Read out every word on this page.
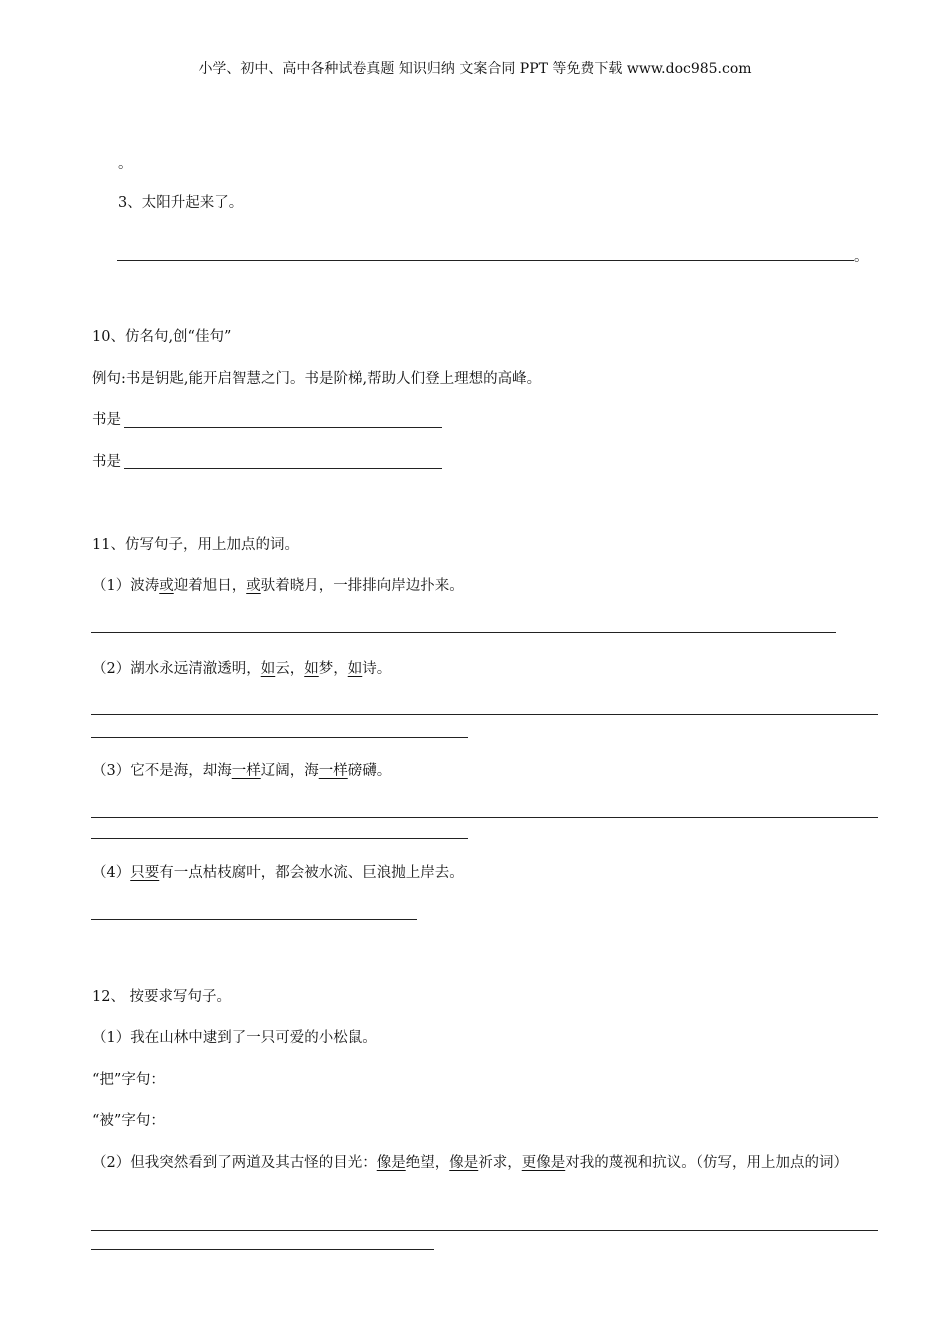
小学、初中、高中各种试卷真题 知识归纳 文案合同 PPT 等免费下载 www.doc985.com
。
3、太阳升起来了。
。
10、仿名句,创“佳句”
例句:书是钥匙,能开启智慧之门。书是阶梯,帮助人们登上理想的高峰。
书是
书是
11、仿写句子，用上加点的词。
（1）波涛或迎着旭日，或驮着晓月，一排排向岸边扑来。
（2）湖水永远清澈透明，如云，如梦，如诗。
（3）它不是海，却海一样辽阔，海一样磅礴。
（4）只要有一点枯枝腐叶，都会被水流、巨浪抛上岸去。
12、 按要求写句子。
（1）我在山林中逮到了一只可爱的小松鼠。
“把”字句：
“被”字句：
（2）但我突然看到了两道及其古怪的目光：像是绝望，像是祈求，更像是对我的蔑视和抗议。（仿写，用上加点的词）
